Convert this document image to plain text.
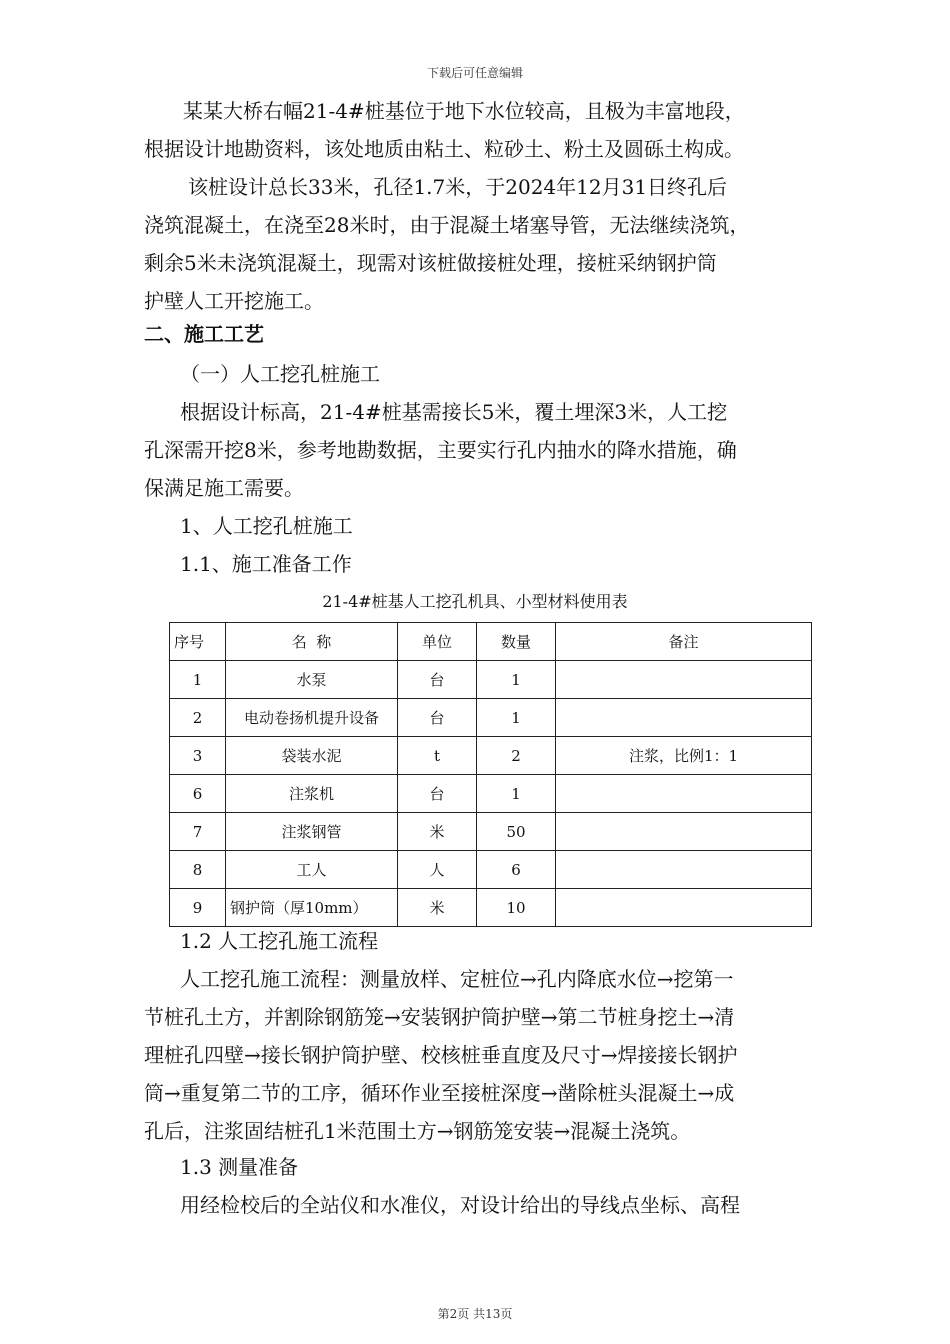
下载后可任意编辑
某某大桥右幅21-4#桩基位于地下水位较高，且极为丰富地段，
根据设计地勘资料，该处地质由粘土、粒砂土、粉土及圆砾土构成。
该桩设计总长33米，孔径1.7米，于2024年12月31日终孔后
浇筑混凝土，在浇至28米时，由于混凝土堵塞导管，无法继续浇筑，
剩余5米未浇筑混凝土，现需对该桩做接桩处理，接桩采纳钢护筒
护壁人工开挖施工。
二、施工工艺
（一）人工挖孔桩施工
根据设计标高，21-4#桩基需接长5米，覆土埋深3米，人工挖
孔深需开挖8米，参考地勘数据，主要实行孔内抽水的降水措施，确
保满足施工需要。
1、人工挖孔桩施工
1.1、施工准备工作
21-4#桩基人工挖孔机具、小型材料使用表
序号	名  称	单位	数量	备注
1	水泵	台	1	
2	电动卷扬机提升设备	台	1	
3	袋装水泥	t	2	注浆，比例1：1
6	注浆机	台	1	
7	注浆钢管	米	50	
8	工人	人	6	
9	钢护筒（厚10mm）	米	10	
1.2 人工挖孔施工流程
人工挖孔施工流程：测量放样、定桩位→孔内降底水位→挖第一
节桩孔土方，并割除钢筋笼→安装钢护筒护壁→第二节桩身挖土→清
理桩孔四壁→接长钢护筒护壁、校核桩垂直度及尺寸→焊接接长钢护
筒→重复第二节的工序，循环作业至接桩深度→凿除桩头混凝土→成
孔后，注浆固结桩孔1米范围土方→钢筋笼安装→混凝土浇筑。
1.3 测量准备
用经检校后的全站仪和水准仪，对设计给出的导线点坐标、高程
第2页 共13页
